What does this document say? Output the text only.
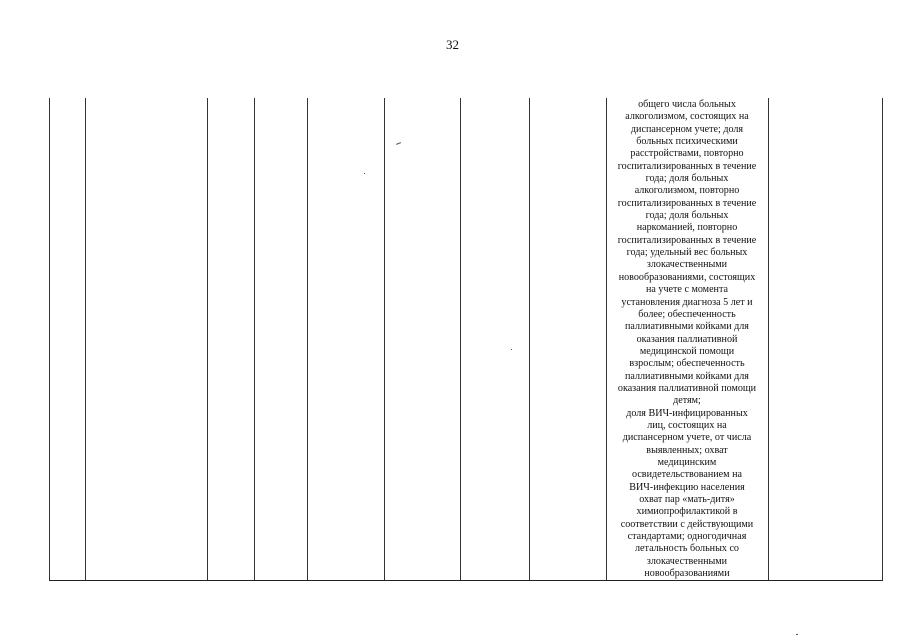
32
общего числа больных
алкоголизмом, состоящих на
диспансерном учете; доля
больных психическими
расстройствами, повторно
госпитализированных в течение
года; доля больных
алкоголизмом, повторно
госпитализированных в течение
года; доля больных
наркоманией, повторно
госпитализированных в течение
года; удельный вес больных
злокачественными
новообразованиями, состоящих
на учете с момента
установления диагноза 5 лет и
более; обеспеченность
паллиативными койками для
оказания паллиативной
медицинской помощи
взрослым; обеспеченность
паллиативными койками для
оказания паллиативной помощи
детям;
доля ВИЧ-инфицированных
лиц, состоящих на
диспансерном учете, от числа
выявленных; охват
медицинским
освидетельствованием на
ВИЧ-инфекцию населения
охват пар «мать-дитя»
химиопрофилактикой в
соответствии с действующими
стандартами; одногодичная
летальность больных со
злокачественными
новообразованиями
